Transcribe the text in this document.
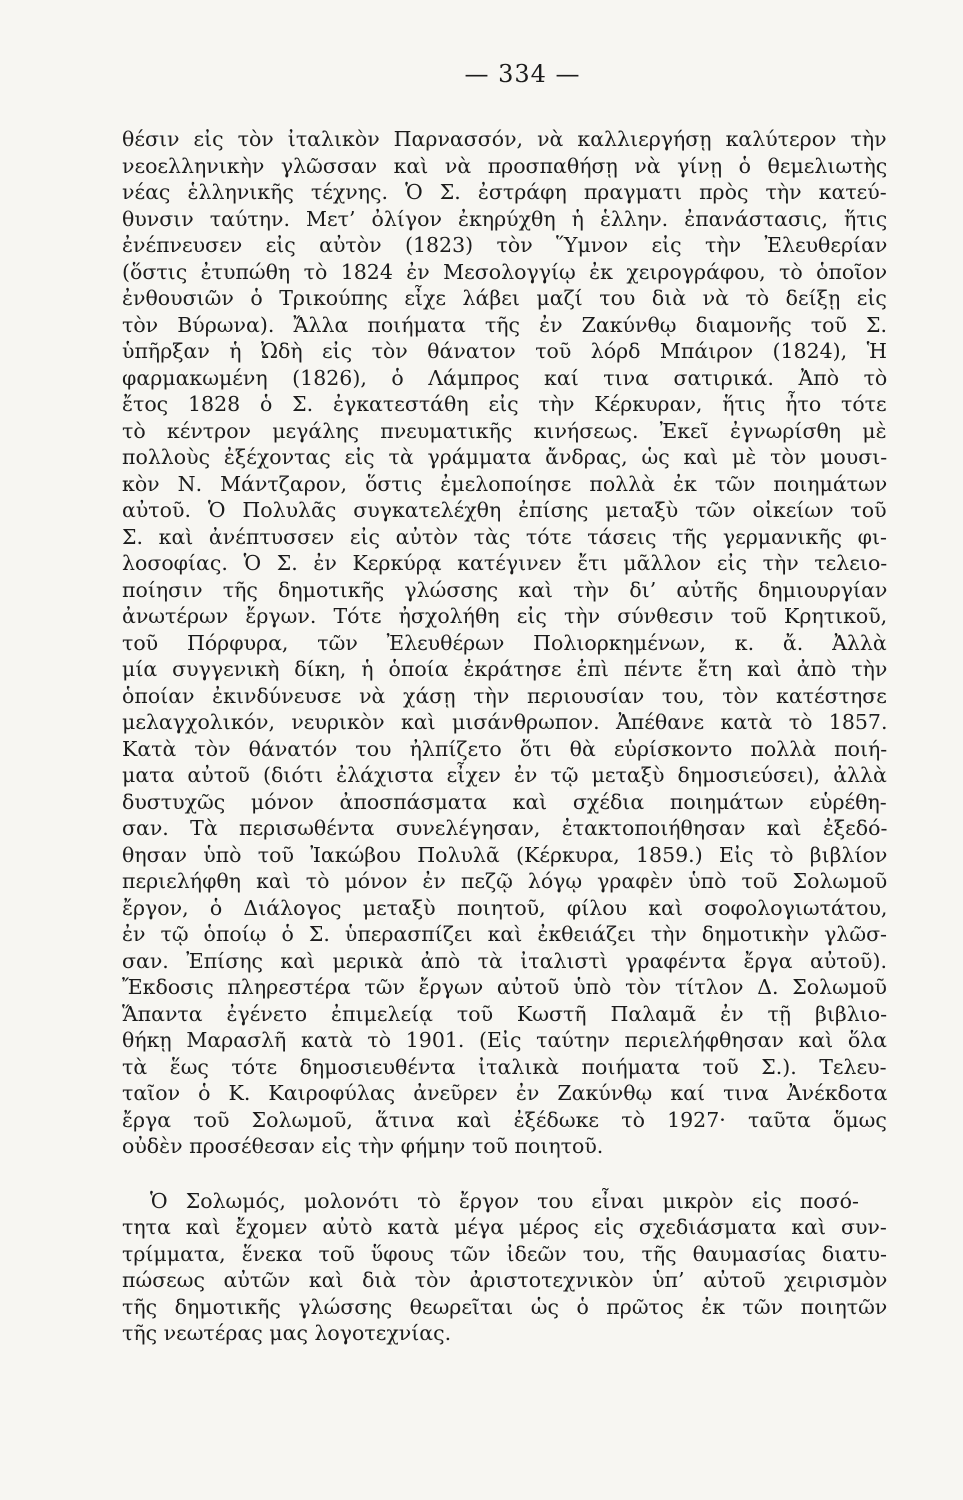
— 334 —

θέσιν εἰς τὸν ἰταλικὸν Παρνασσόν, νὰ καλλιεργήσῃ καλύτερον τὴν
νεοελληνικὴν γλῶσσαν καὶ νὰ προσπαθήσῃ νὰ γίνῃ ὁ θεμελιωτὴς
νέας ἑλληνικῆς τέχνης. Ὁ Σ. ἐστράφη πραγματι πρὸς τὴν κατεύ-
θυνσιν ταύτην. Μετ’ ὀλίγον ἐκηρύχθη ἡ ἑλλην. ἐπανάστασις, ἥτις
ἐνέπνευσεν εἰς αὐτὸν (1823) τὸν Ὕμνον εἰς τὴν Ἐλευθερίαν
(ὅστις ἐτυπώθη τὸ 1824 ἐν Μεσολογγίῳ ἐκ χειρογράφου, τὸ ὁποῖον
ἐνθουσιῶν ὁ Τρικούπης εἶχε λάβει μαζί του διὰ νὰ τὸ δείξῃ εἰς
τὸν Βύρωνα). Ἄλλα ποιήματα τῆς ἐν Ζακύνθῳ διαμονῆς τοῦ Σ.
ὑπῆρξαν ἡ Ὠδὴ εἰς τὸν θάνατον τοῦ λόρδ Μπάιρον (1824), Ἡ
φαρμακωμένη (1826), ὁ Λάμπρος καί τινα σατιρικά. Ἀπὸ τὸ
ἔτος 1828 ὁ Σ. ἐγκατεστάθη εἰς τὴν Κέρκυραν, ἥτις ἦτο τότε
τὸ κέντρον μεγάλης πνευματικῆς κινήσεως. Ἐκεῖ ἐγνωρίσθη μὲ
πολλοὺς ἐξέχοντας εἰς τὰ γράμματα ἄνδρας, ὡς καὶ μὲ τὸν μουσι-
κὸν Ν. Μάντζαρον, ὅστις ἐμελοποίησε πολλὰ ἐκ τῶν ποιημάτων
αὐτοῦ. Ὁ Πολυλᾶς συγκατελέχθη ἐπίσης μεταξὺ τῶν οἰκείων τοῦ
Σ. καὶ ἀνέπτυσσεν εἰς αὐτὸν τὰς τότε τάσεις τῆς γερμανικῆς φι-
λοσοφίας. Ὁ Σ. ἐν Κερκύρᾳ κατέγινεν ἔτι μᾶλλον εἰς τὴν τελειο-
ποίησιν τῆς δημοτικῆς γλώσσης καὶ τὴν δι’ αὐτῆς δημιουργίαν
ἀνωτέρων ἔργων. Τότε ἠσχολήθη εἰς τὴν σύνθεσιν τοῦ Κρητικοῦ,
τοῦ Πόρφυρα, τῶν Ἐλευθέρων Πολιορκημένων, κ. ἄ. Ἀλλὰ
μία συγγενικὴ δίκη, ἡ ὁποία ἐκράτησε ἐπὶ πέντε ἔτη καὶ ἀπὸ τὴν
ὁποίαν ἐκινδύνευσε νὰ χάσῃ τὴν περιουσίαν του, τὸν κατέστησε
μελαγχολικόν, νευρικὸν καὶ μισάνθρωπον. Ἀπέθανε κατὰ τὸ 1857.
Κατὰ τὸν θάνατόν του ἠλπίζετο ὅτι θὰ εὑρίσκοντο πολλὰ ποιή-
ματα αὐτοῦ (διότι ἐλάχιστα εἶχεν ἐν τῷ μεταξὺ δημοσιεύσει), ἀλλὰ
δυστυχῶς μόνον ἀποσπάσματα καὶ σχέδια ποιημάτων εὑρέθη-
σαν. Τὰ περισωθέντα συνελέγησαν, ἐτακτοποιήθησαν καὶ ἐξεδό-
θησαν ὑπὸ τοῦ Ἰακώβου Πολυλᾶ (Κέρκυρα, 1859.) Εἰς τὸ βιβλίον
περιελήφθη καὶ τὸ μόνον ἐν πεζῷ λόγῳ γραφὲν ὑπὸ τοῦ Σολωμοῦ
ἔργον, ὁ Διάλογος μεταξὺ ποιητοῦ, φίλου καὶ σοφολογιωτάτου,
ἐν τῷ ὁποίῳ ὁ Σ. ὑπερασπίζει καὶ ἐκθειάζει τὴν δημοτικὴν γλῶσ-
σαν. Ἐπίσης καὶ μερικὰ ἀπὸ τὰ ἰταλιστὶ γραφέντα ἔργα αὐτοῦ).
Ἔκδοσις πληρεστέρα τῶν ἔργων αὐτοῦ ὑπὸ τὸν τίτλον Δ. Σολωμοῦ
Ἅπαντα ἐγένετο ἐπιμελείᾳ τοῦ Κωστῆ Παλαμᾶ ἐν τῇ βιβλιο-
θήκῃ Μαρασλῆ κατὰ τὸ 1901. (Εἰς ταύτην περιελήφθησαν καὶ ὅλα
τὰ ἕως τότε δημοσιευθέντα ἰταλικὰ ποιήματα τοῦ Σ.). Τελευ-
ταῖον ὁ Κ. Καιροφύλας ἀνεῦρεν ἐν Ζακύνθῳ καί τινα Ἀνέκδοτα
ἔργα τοῦ Σολωμοῦ, ἅτινα καὶ ἐξέδωκε τὸ 1927· ταῦτα ὅμως
οὐδὲν προσέθεσαν εἰς τὴν φήμην τοῦ ποιητοῦ.

Ὁ Σολωμός, μολονότι τὸ ἔργον του εἶναι μικρὸν εἰς ποσό-
τητα καὶ ἔχομεν αὐτὸ κατὰ μέγα μέρος εἰς σχεδιάσματα καὶ συν-
τρίμματα, ἕνεκα τοῦ ὕφους τῶν ἰδεῶν του, τῆς θαυμασίας διατυ-
πώσεως αὐτῶν καὶ διὰ τὸν ἀριστοτεχνικὸν ὑπ’ αὐτοῦ χειρισμὸν
τῆς δημοτικῆς γλώσσης θεωρεῖται ὡς ὁ πρῶτος ἐκ τῶν ποιητῶν
τῆς νεωτέρας μας λογοτεχνίας.
